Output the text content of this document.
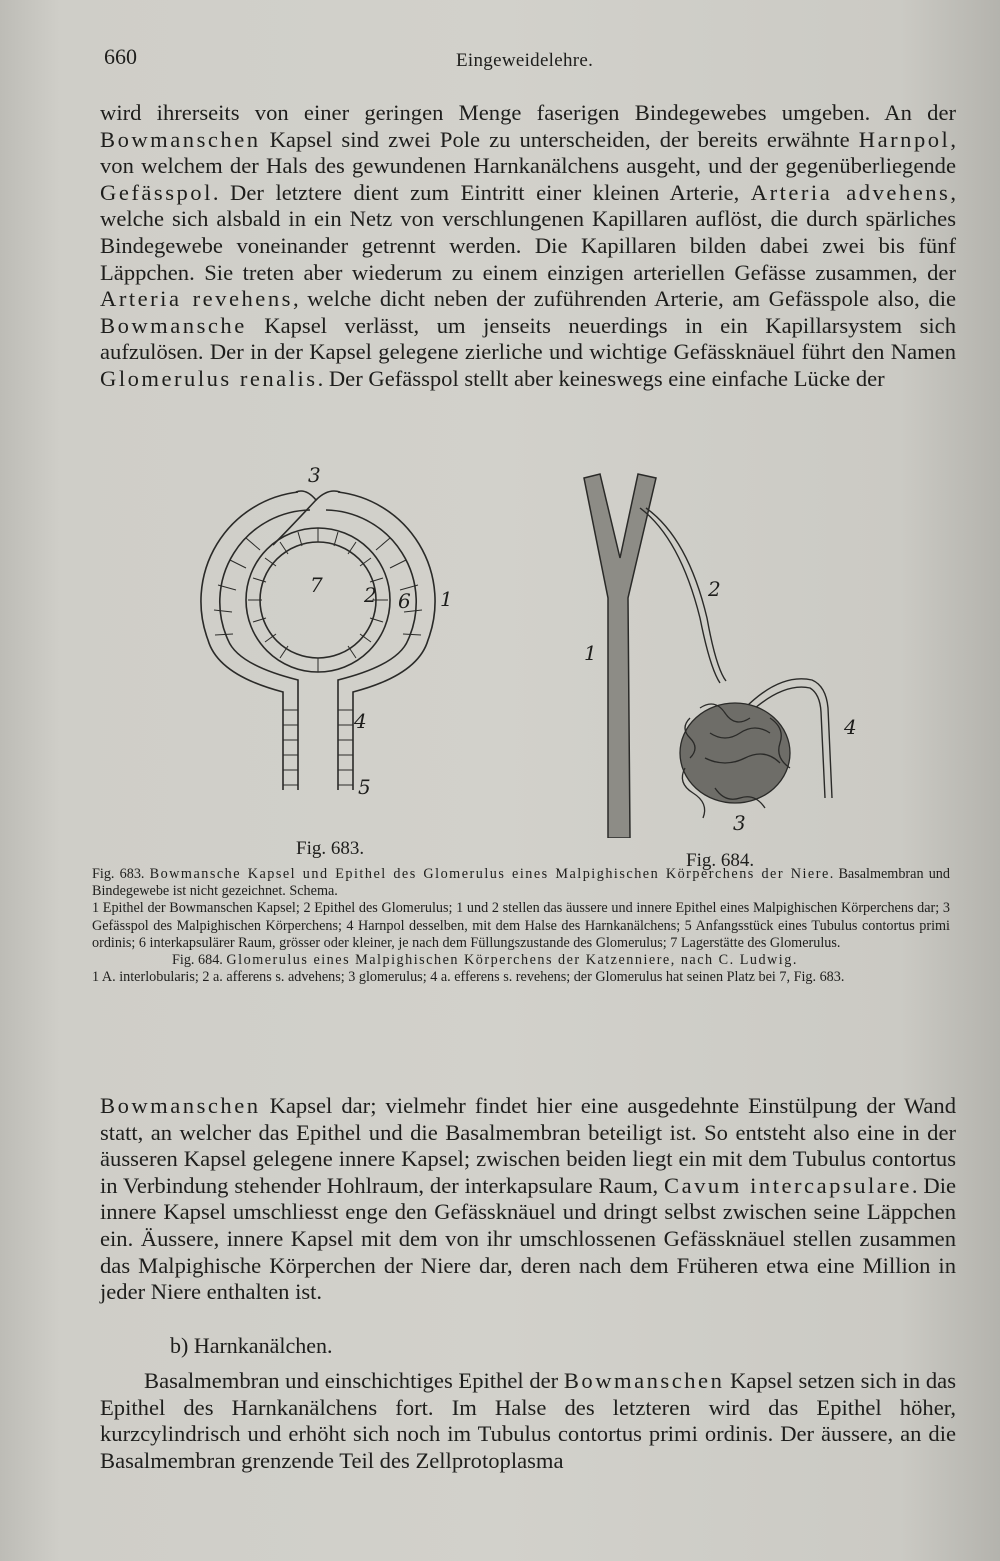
660	Eingeweidelehre.

wird ihrerseits von einer geringen Menge faserigen Bindegewebes umgeben. An der Bowmanschen Kapsel sind zwei Pole zu unterscheiden, der bereits erwähnte Harnpol, von welchem der Hals des gewundenen Harnkanälchens ausgeht, und der gegenüberliegende Gefässpol. Der letztere dient zum Eintritt einer kleinen Arterie, Arteria advehens, welche sich alsbald in ein Netz von verschlungenen Kapillaren auflöst, die durch spärliches Bindegewebe voneinander getrennt werden. Die Kapillaren bilden dabei zwei bis fünf Läppchen. Sie treten aber wiederum zu einem einzigen arteriellen Gefässe zusammen, der Arteria revehens, welche dicht neben der zuführenden Arterie, am Gefässpole also, die Bowmansche Kapsel verlässt, um jenseits neuerdings in ein Kapillarsystem sich aufzulösen. Der in der Kapsel gelegene zierliche und wichtige Gefässknäuel führt den Namen Glomerulus renalis. Der Gefässpol stellt aber keineswegs eine einfache Lücke der

3
7 2 6 1
4
5
Fig. 683.
2
1
4
3
Fig. 684.

Fig. 683. Bowmansche Kapsel und Epithel des Glomerulus eines Malpighischen Körperchens der Niere. Basalmembran und Bindegewebe ist nicht gezeichnet. Schema.

1 Epithel der Bowmanschen Kapsel; 2 Epithel des Glomerulus; 1 und 2 stellen das äussere und innere Epithel eines Malpighischen Körperchens dar; 3 Gefässpol des Malpighischen Körperchens; 4 Harnpol desselben, mit dem Halse des Harnkanälchens; 5 Anfangsstück eines Tubulus contortus primi ordinis; 6 interkapsulärer Raum, grösser oder kleiner, je nach dem Füllungszustande des Glomerulus; 7 Lagerstätte des Glomerulus.

Fig. 684. Glomerulus eines Malpighischen Körperchens der Katzenniere, nach C. Ludwig.

1 A. interlobularis; 2 a. afferens s. advehens; 3 glomerulus; 4 a. efferens s. revehens; der Glomerulus hat seinen Platz bei 7, Fig. 683.

Bowmanschen Kapsel dar; vielmehr findet hier eine ausgedehnte Einstülpung der Wand statt, an welcher das Epithel und die Basalmembran beteiligt ist. So entsteht also eine in der äusseren Kapsel gelegene innere Kapsel; zwischen beiden liegt ein mit dem Tubulus contortus in Verbindung stehender Hohlraum, der interkapsulare Raum, Cavum intercapsulare. Die innere Kapsel umschliesst enge den Gefässknäuel und dringt selbst zwischen seine Läppchen ein. Äussere, innere Kapsel mit dem von ihr umschlossenen Gefässknäuel stellen zusammen das Malpighische Körperchen der Niere dar, deren nach dem Früheren etwa eine Million in jeder Niere enthalten ist.

b) Harnkanälchen.

Basalmembran und einschichtiges Epithel der Bowmanschen Kapsel setzen sich in das Epithel des Harnkanälchens fort. Im Halse des letzteren wird das Epithel höher, kurzcylindrisch und erhöht sich noch im Tubulus contortus primi ordinis. Der äussere, an die Basalmembran grenzende Teil des Zellprotoplasma
